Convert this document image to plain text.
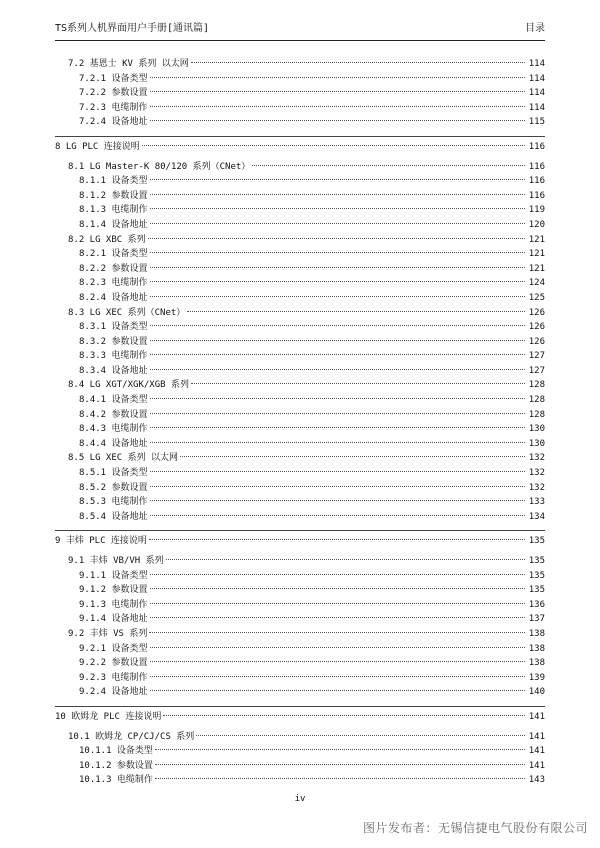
TS系列人机界面用户手册[通讯篇]	目录
7.2 基恩士 KV 系列 以太网	114
7.2.1 设备类型	114
7.2.2 参数设置	114
7.2.3 电缆制作	114
7.2.4 设备地址	115
8 LG PLC 连接说明	116
8.1 LG Master-K 80/120 系列（CNet）	116
8.1.1 设备类型	116
8.1.2 参数设置	116
8.1.3 电缆制作	119
8.1.4 设备地址	120
8.2 LG XBC 系列	121
8.2.1 设备类型	121
8.2.2 参数设置	121
8.2.3 电缆制作	124
8.2.4 设备地址	125
8.3 LG XEC 系列（CNet）	126
8.3.1 设备类型	126
8.3.2 参数设置	126
8.3.3 电缆制作	127
8.3.4 设备地址	127
8.4 LG XGT/XGK/XGB 系列	128
8.4.1 设备类型	128
8.4.2 参数设置	128
8.4.3 电缆制作	130
8.4.4 设备地址	130
8.5 LG XEC 系列 以太网	132
8.5.1 设备类型	132
8.5.2 参数设置	132
8.5.3 电缆制作	133
8.5.4 设备地址	134
9 丰炜 PLC 连接说明	135
9.1 丰炜 VB/VH 系列	135
9.1.1 设备类型	135
9.1.2 参数设置	135
9.1.3 电缆制作	136
9.1.4 设备地址	137
9.2 丰炜 VS 系列	138
9.2.1 设备类型	138
9.2.2 参数设置	138
9.2.3 电缆制作	139
9.2.4 设备地址	140
10 欧姆龙 PLC 连接说明	141
10.1 欧姆龙 CP/CJ/CS 系列	141
10.1.1 设备类型	141
10.1.2 参数设置	141
10.1.3 电缆制作	143
iv
图片发布者：无锡信捷电气股份有限公司
